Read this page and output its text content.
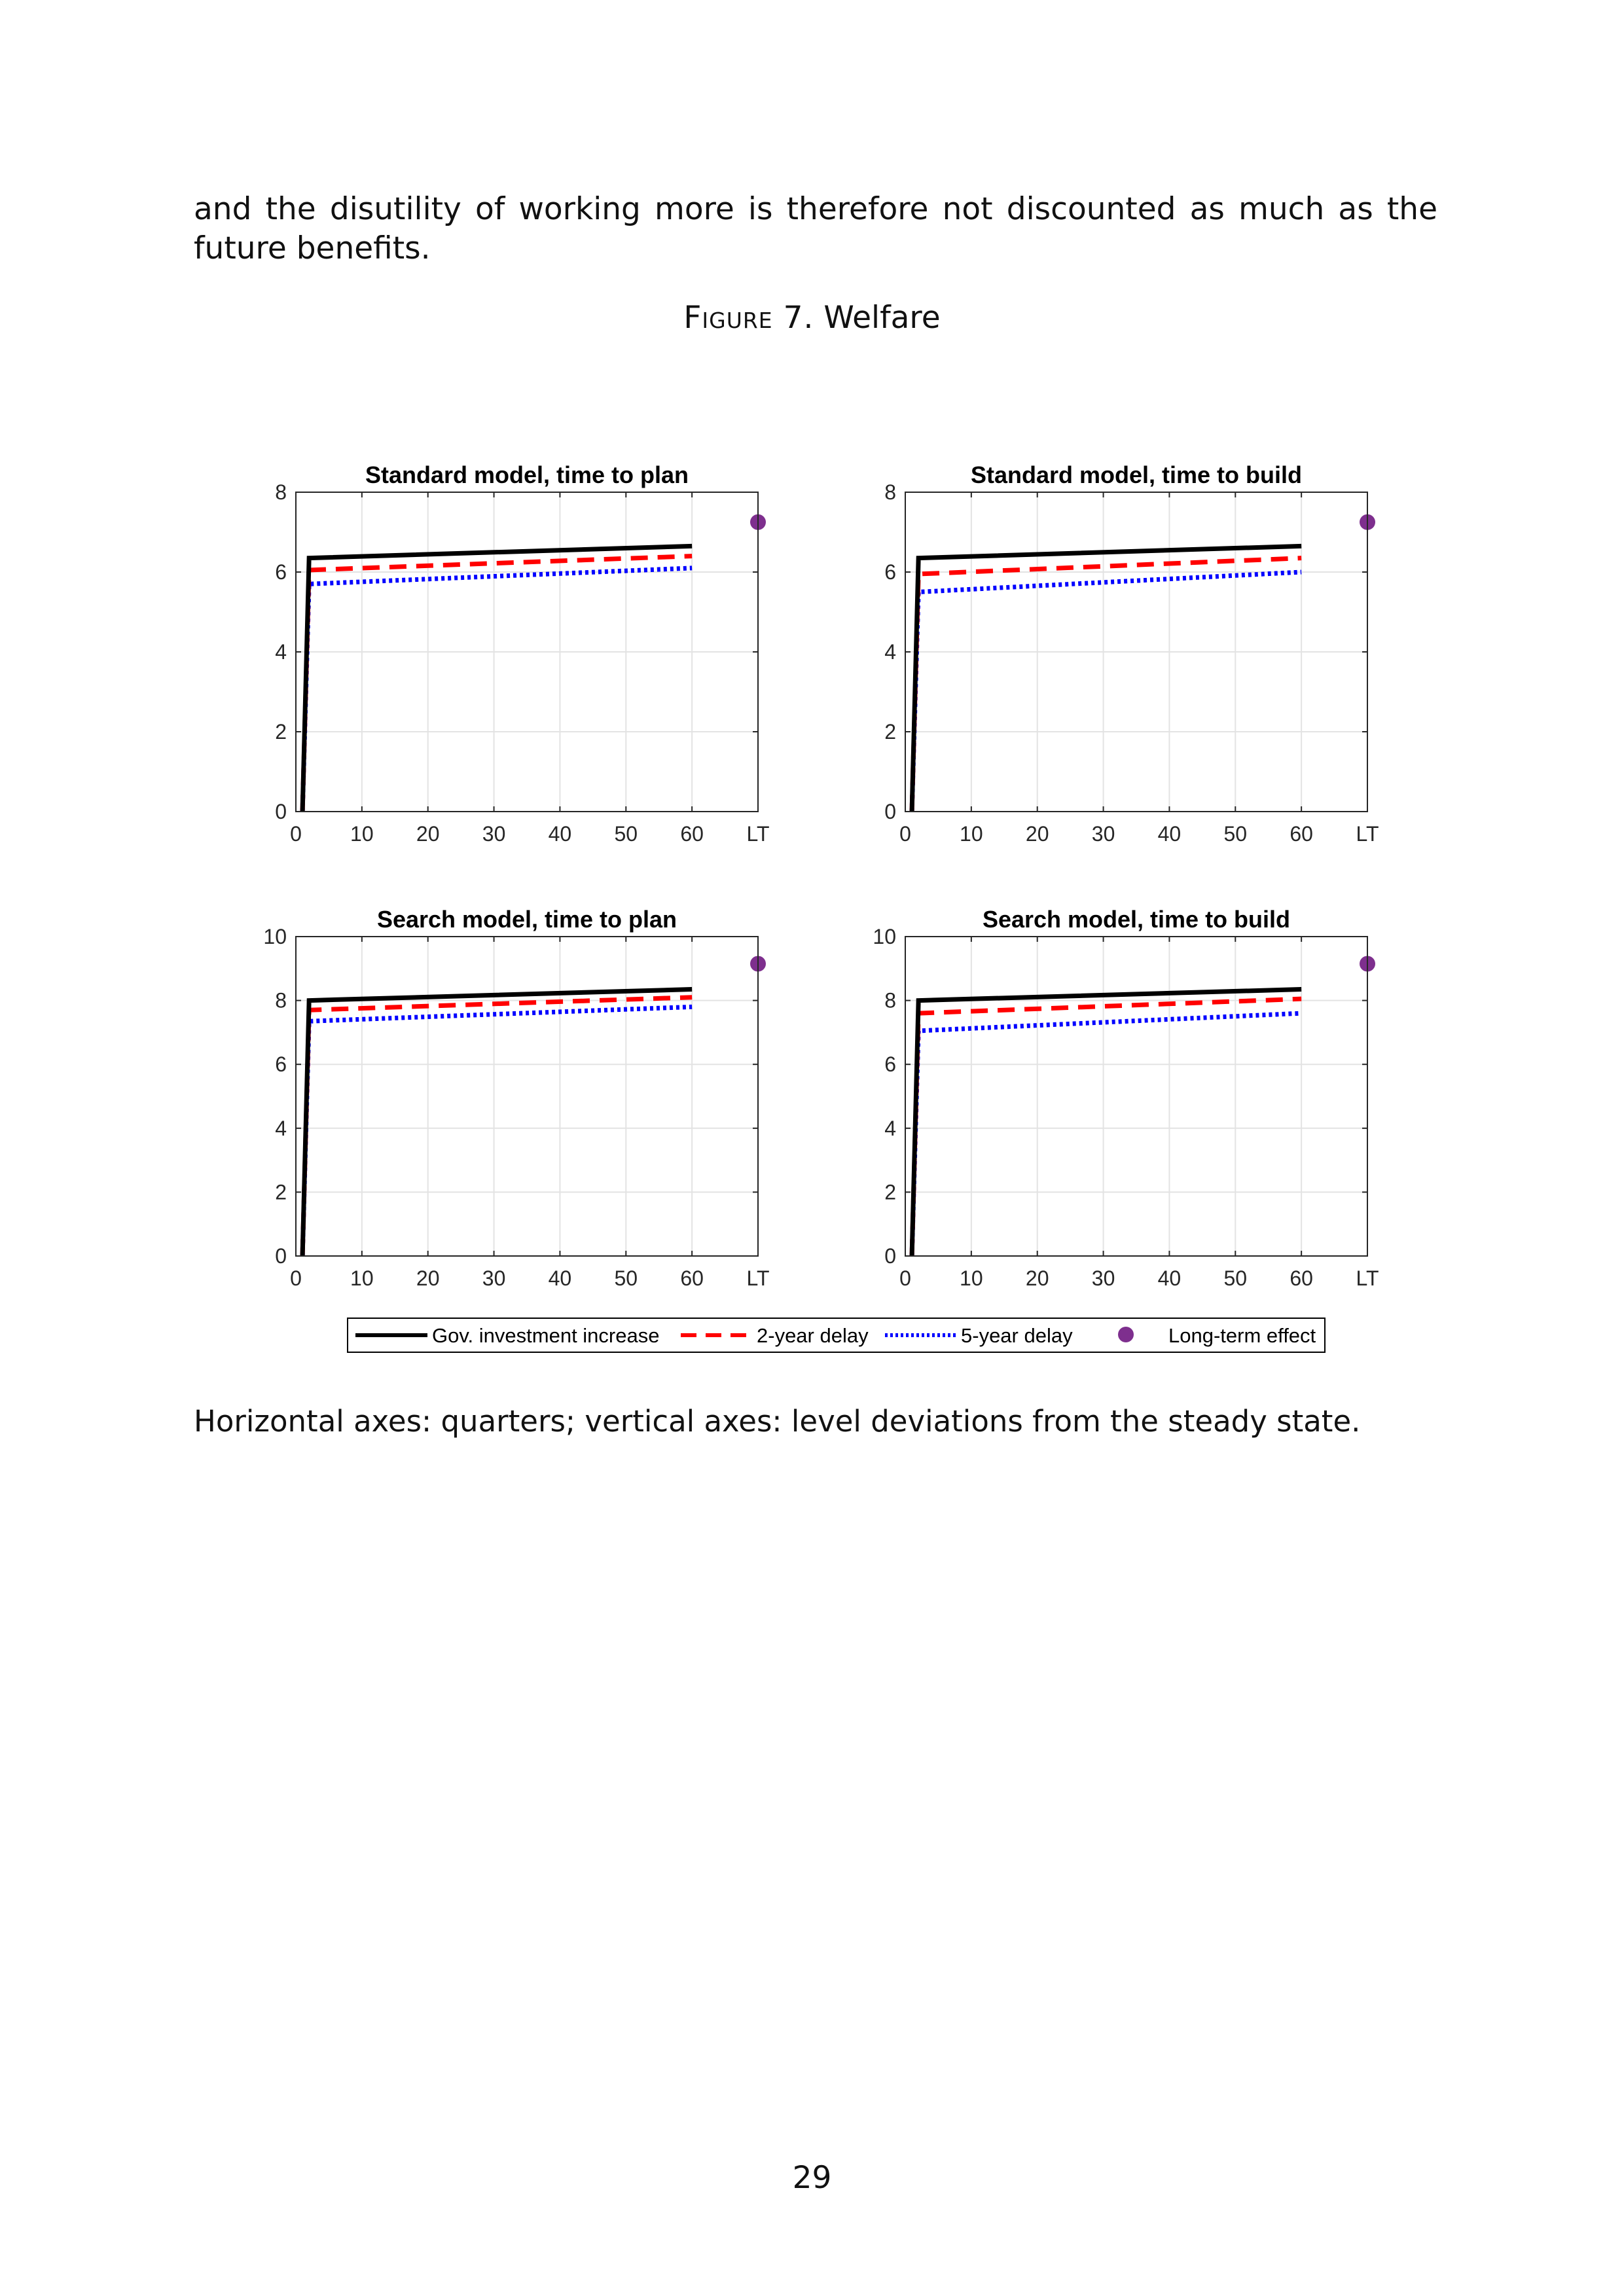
and the disutility of working more is therefore not discounted as much as the future benefits.

Figure 7. Welfare

0 10 20 30 40 50 60 LT
0
2
4
6
8
Standard model, time to plan
0 10 20 30 40 50 60 LT
0
2
4
6
8
Standard model, time to build
0 10 20 30 40 50 60 LT
0
2
4
6
8
10
Search model, time to plan
0 10 20 30 40 50 60 LT
0
2
4
6
8
10
Search model, time to build
Gov. investment increase	2-year delay	5-year delay	Long-term effect

Horizontal axes: quarters; vertical axes: level deviations from the steady state.

29
